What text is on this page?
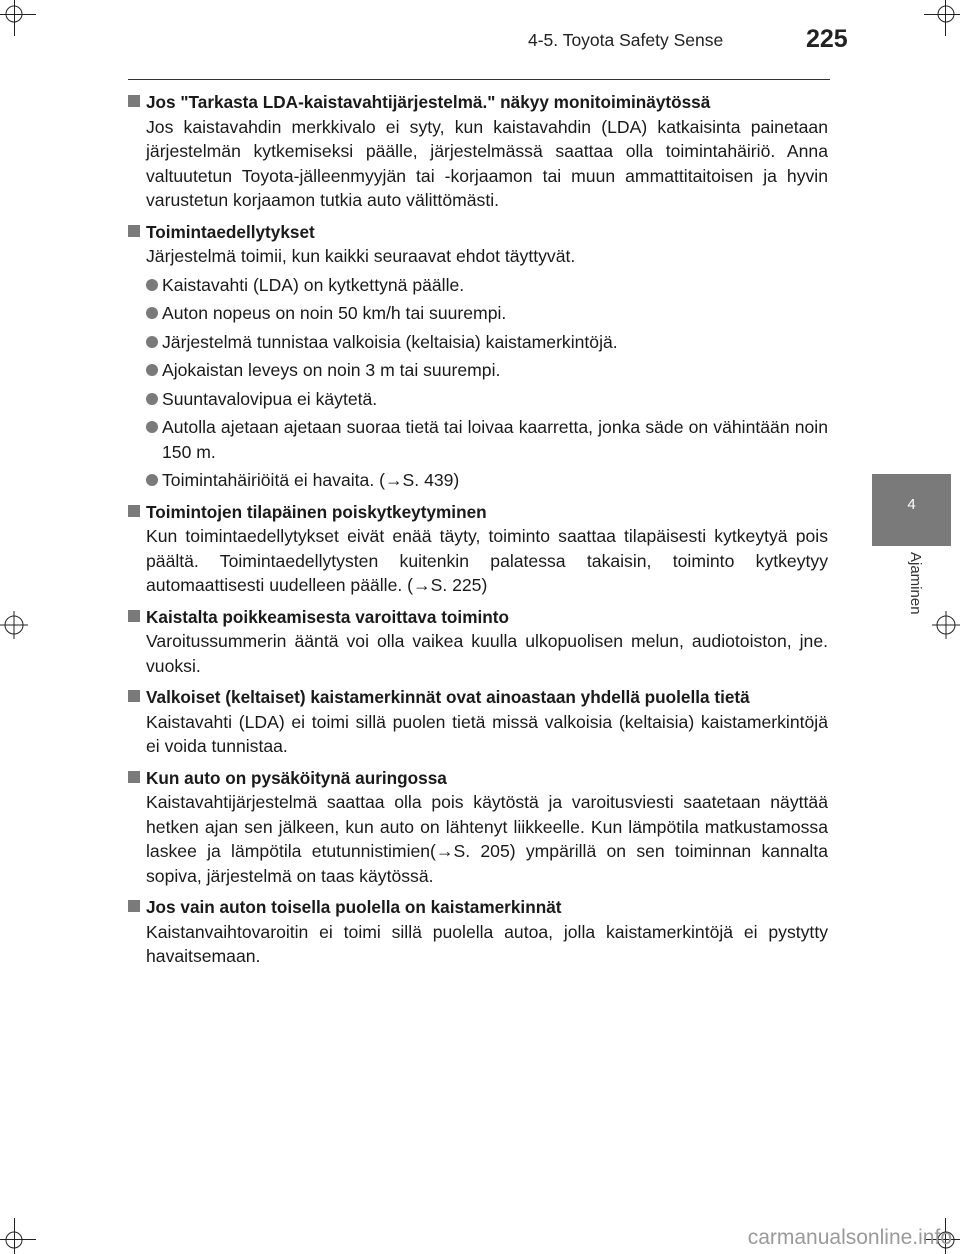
4-5. Toyota Safety Sense	225
4
Ajaminen
Jos "Tarkasta LDA-kaistavahtijärjestelmä." näkyy monitoiminäytössä
Jos kaistavahdin merkkivalo ei syty, kun kaistavahdin (LDA) katkaisinta painetaan järjestelmän kytkemiseksi päälle, järjestelmässä saattaa olla toimintahäiriö. Anna valtuutetun Toyota-jälleenmyyjän tai -korjaamon tai muun ammattitaitoisen ja hyvin varustetun korjaamon tutkia auto välittömästi.
Toimintaedellytykset
Järjestelmä toimii, kun kaikki seuraavat ehdot täyttyvät.
Kaistavahti (LDA) on kytkettynä päälle.
Auton nopeus on noin 50 km/h tai suurempi.
Järjestelmä tunnistaa valkoisia (keltaisia) kaistamerkintöjä.
Ajokaistan leveys on noin 3 m tai suurempi.
Suuntavalovipua ei käytetä.
Autolla ajetaan ajetaan suoraa tietä tai loivaa kaarretta, jonka säde on vähintään noin 150 m.
Toimintahäiriöitä ei havaita. (→S. 439)
Toimintojen tilapäinen poiskytkeytyminen
Kun toimintaedellytykset eivät enää täyty, toiminto saattaa tilapäisesti kytkeytyä pois päältä. Toimintaedellytysten kuitenkin palatessa takaisin, toiminto kytkeytyy automaattisesti uudelleen päälle. (→S. 225)
Kaistalta poikkeamisesta varoittava toiminto
Varoitussummerin ääntä voi olla vaikea kuulla ulkopuolisen melun, audiotoiston, jne. vuoksi.
Valkoiset (keltaiset) kaistamerkinnät ovat ainoastaan yhdellä puolella tietä
Kaistavahti (LDA) ei toimi sillä puolen tietä missä valkoisia (keltaisia) kaistamerkintöjä ei voida tunnistaa.
Kun auto on pysäköitynä auringossa
Kaistavahtijärjestelmä saattaa olla pois käytöstä ja varoitusviesti saatetaan näyttää hetken ajan sen jälkeen, kun auto on lähtenyt liikkeelle. Kun lämpötila matkustamossa laskee ja lämpötila etutunnistimien(→S. 205) ympärillä on sen toiminnan kannalta sopiva, järjestelmä on taas käytössä.
Jos vain auton toisella puolella on kaistamerkinnät
Kaistanvaihtovaroitin ei toimi sillä puolella autoa, jolla kaistamerkintöjä ei pystytty havaitsemaan.
carmanualsonline.info
